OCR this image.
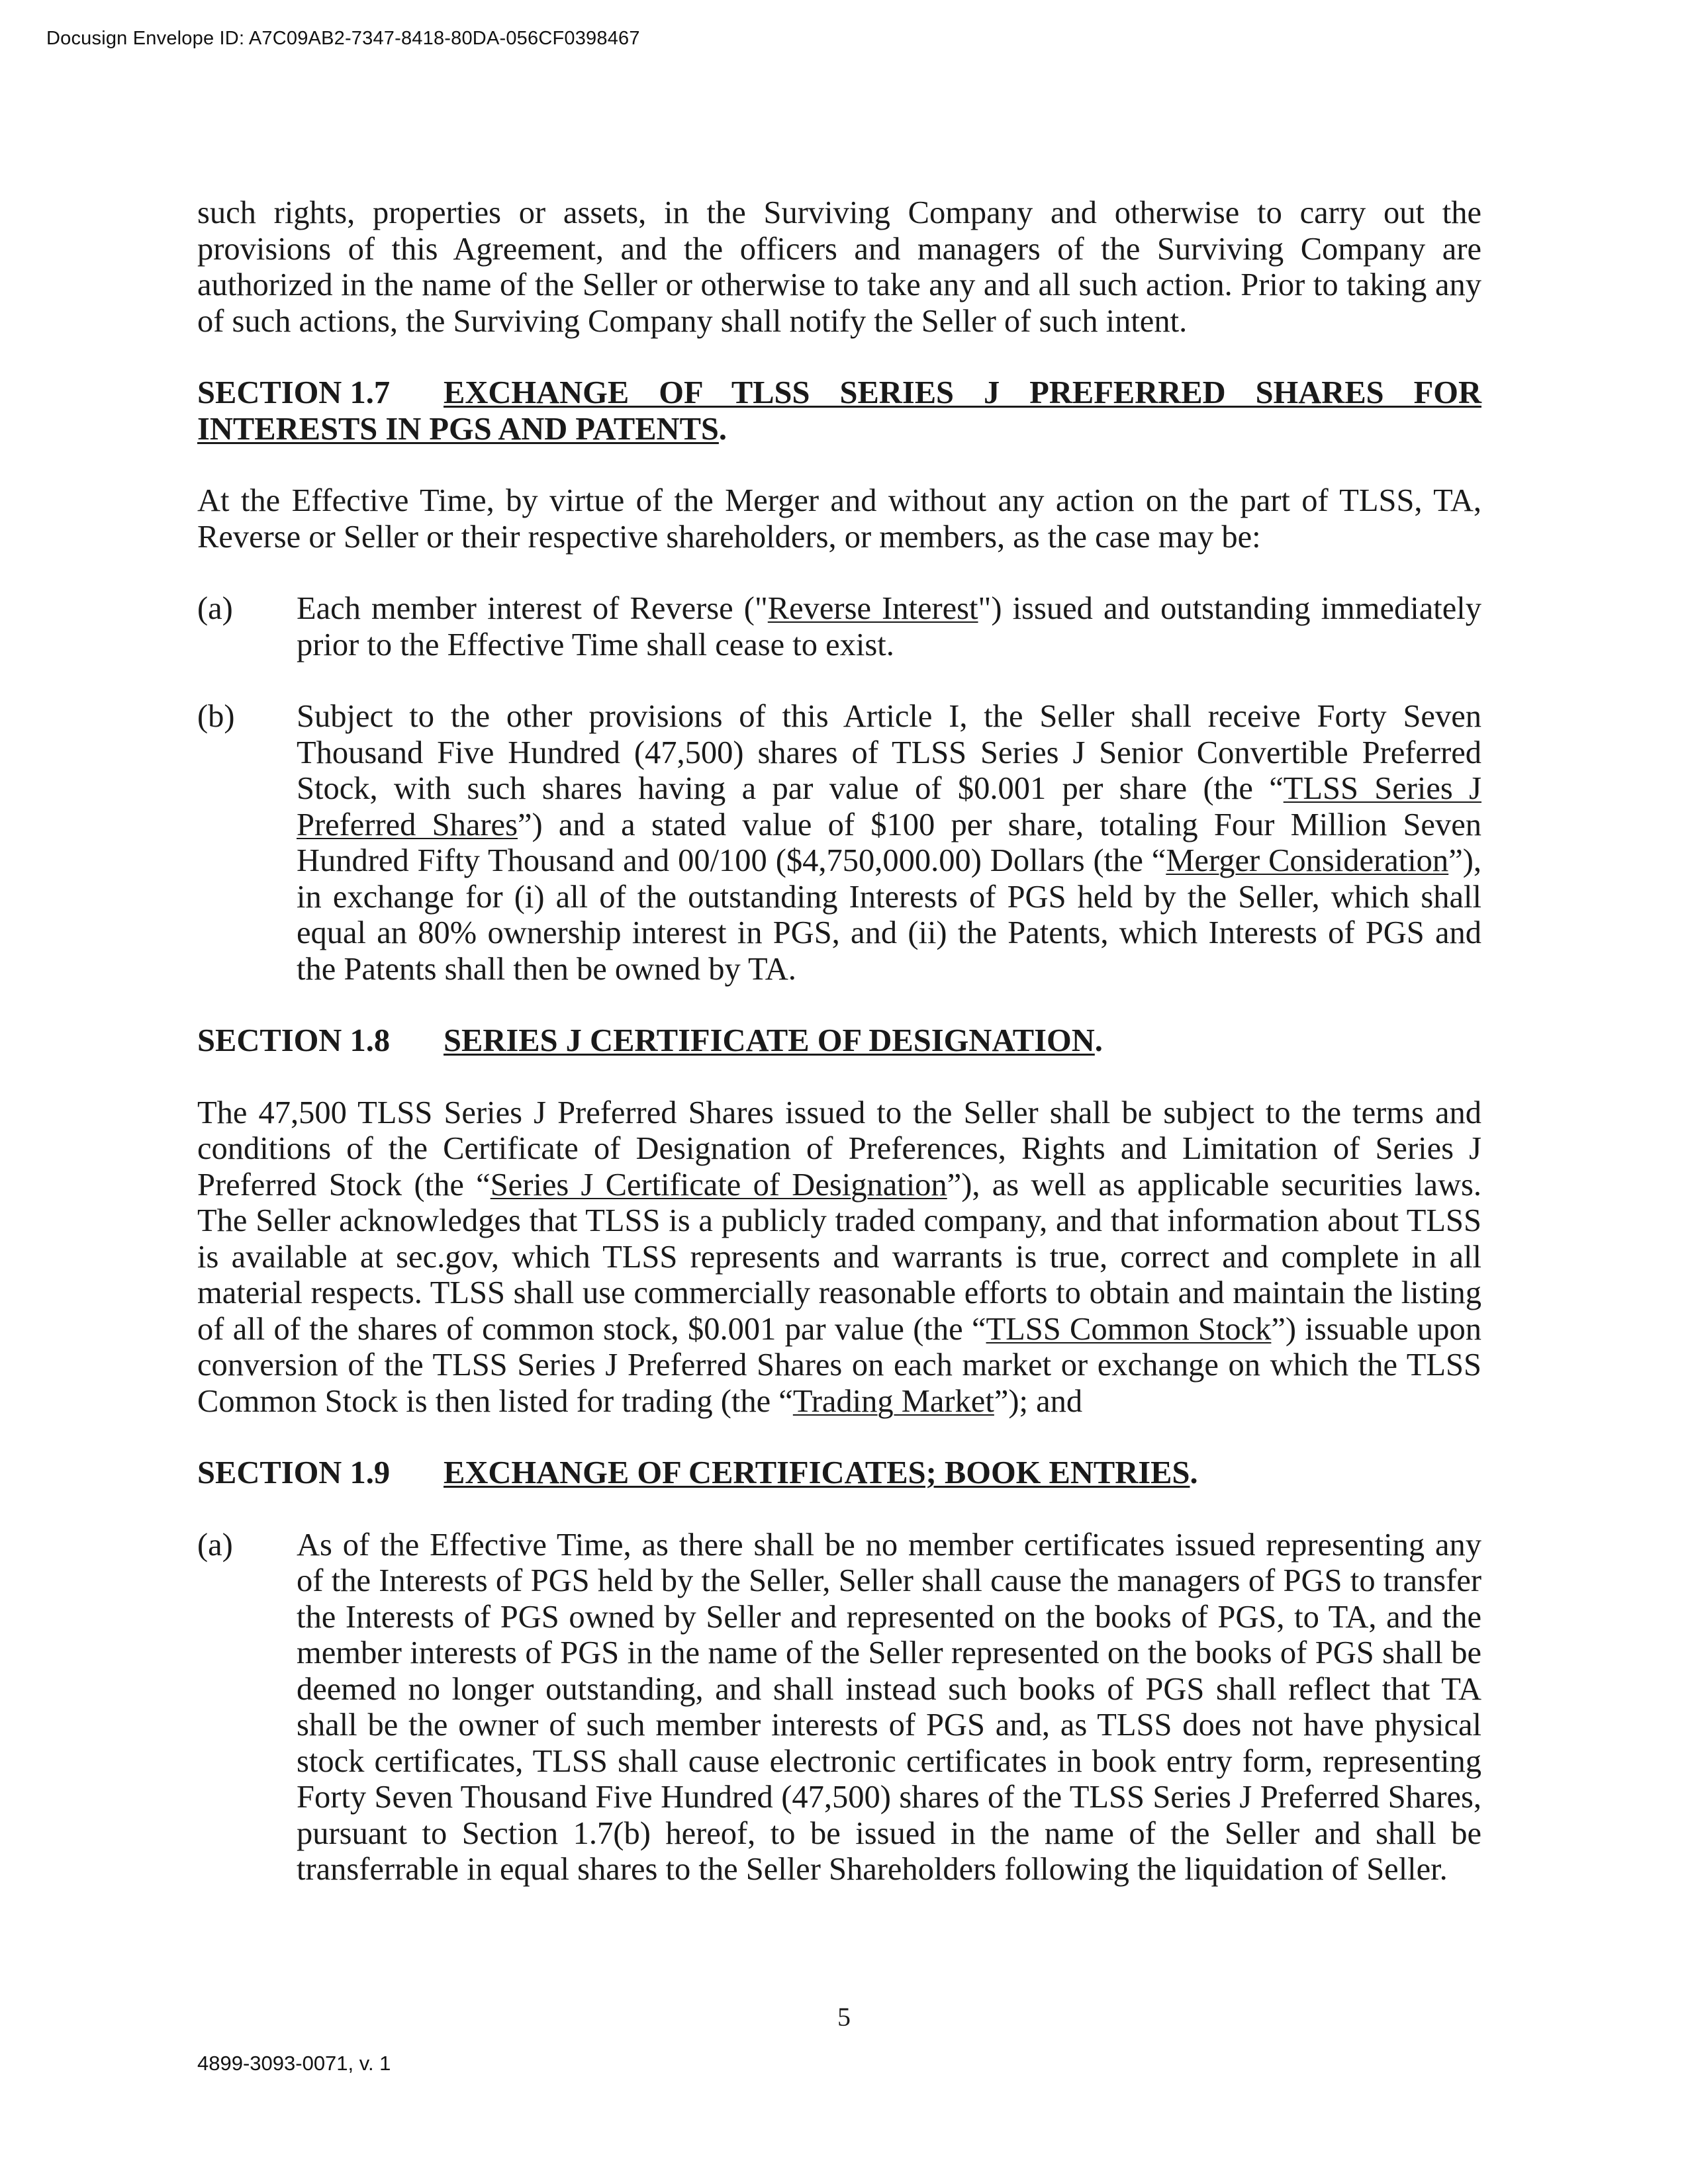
Docusign Envelope ID: A7C09AB2-7347-8418-80DA-056CF0398467

such rights, properties or assets, in the Surviving Company and otherwise to carry out the provisions of this Agreement, and the officers and managers of the Surviving Company are authorized in the name of the Seller or otherwise to take any and all such action. Prior to taking any of such actions, the Surviving Company shall notify the Seller of such intent.

SECTION 1.7 EXCHANGE OF TLSS SERIES J PREFERRED SHARES FOR INTERESTS IN PGS AND PATENTS.

At the Effective Time, by virtue of the Merger and without any action on the part of TLSS, TA, Reverse or Seller or their respective shareholders, or members, as the case may be:

(a)	Each member interest of Reverse ("Reverse Interest") issued and outstanding immediately prior to the Effective Time shall cease to exist.
(b)	Subject to the other provisions of this Article I, the Seller shall receive Forty Seven Thousand Five Hundred (47,500) shares of TLSS Series J Senior Convertible Preferred Stock, with such shares having a par value of $0.001 per share (the “TLSS Series J Preferred Shares”) and a stated value of $100 per share, totaling Four Million Seven Hundred Fifty Thousand and 00/100 ($4,750,000.00) Dollars (the “Merger Consideration”), in exchange for (i) all of the outstanding Interests of PGS held by the Seller, which shall equal an 80% ownership interest in PGS, and (ii) the Patents, which Interests of PGS and the Patents shall then be owned by TA.

SECTION 1.8 SERIES J CERTIFICATE OF DESIGNATION.

The 47,500 TLSS Series J Preferred Shares issued to the Seller shall be subject to the terms and conditions of the Certificate of Designation of Preferences, Rights and Limitation of Series J Preferred Stock (the “Series J Certificate of Designation”), as well as applicable securities laws. The Seller acknowledges that TLSS is a publicly traded company, and that information about TLSS is available at sec.gov, which TLSS represents and warrants is true, correct and complete in all material respects. TLSS shall use commercially reasonable efforts to obtain and maintain the listing of all of the shares of common stock, $0.001 par value (the “TLSS Common Stock”) issuable upon conversion of the TLSS Series J Preferred Shares on each market or exchange on which the TLSS Common Stock is then listed for trading (the “Trading Market”); and

SECTION 1.9 EXCHANGE OF CERTIFICATES; BOOK ENTRIES.

(a)	As of the Effective Time, as there shall be no member certificates issued representing any of the Interests of PGS held by the Seller, Seller shall cause the managers of PGS to transfer the Interests of PGS owned by Seller and represented on the books of PGS, to TA, and the member interests of PGS in the name of the Seller represented on the books of PGS shall be deemed no longer outstanding, and shall instead such books of PGS shall reflect that TA shall be the owner of such member interests of PGS and, as TLSS does not have physical stock certificates, TLSS shall cause electronic certificates in book entry form, representing Forty Seven Thousand Five Hundred (47,500) shares of the TLSS Series J Preferred Shares, pursuant to Section 1.7(b) hereof, to be issued in the name of the Seller and shall be transferrable in equal shares to the Seller Shareholders following the liquidation of Seller.
5
4899-3093-0071, v. 1
